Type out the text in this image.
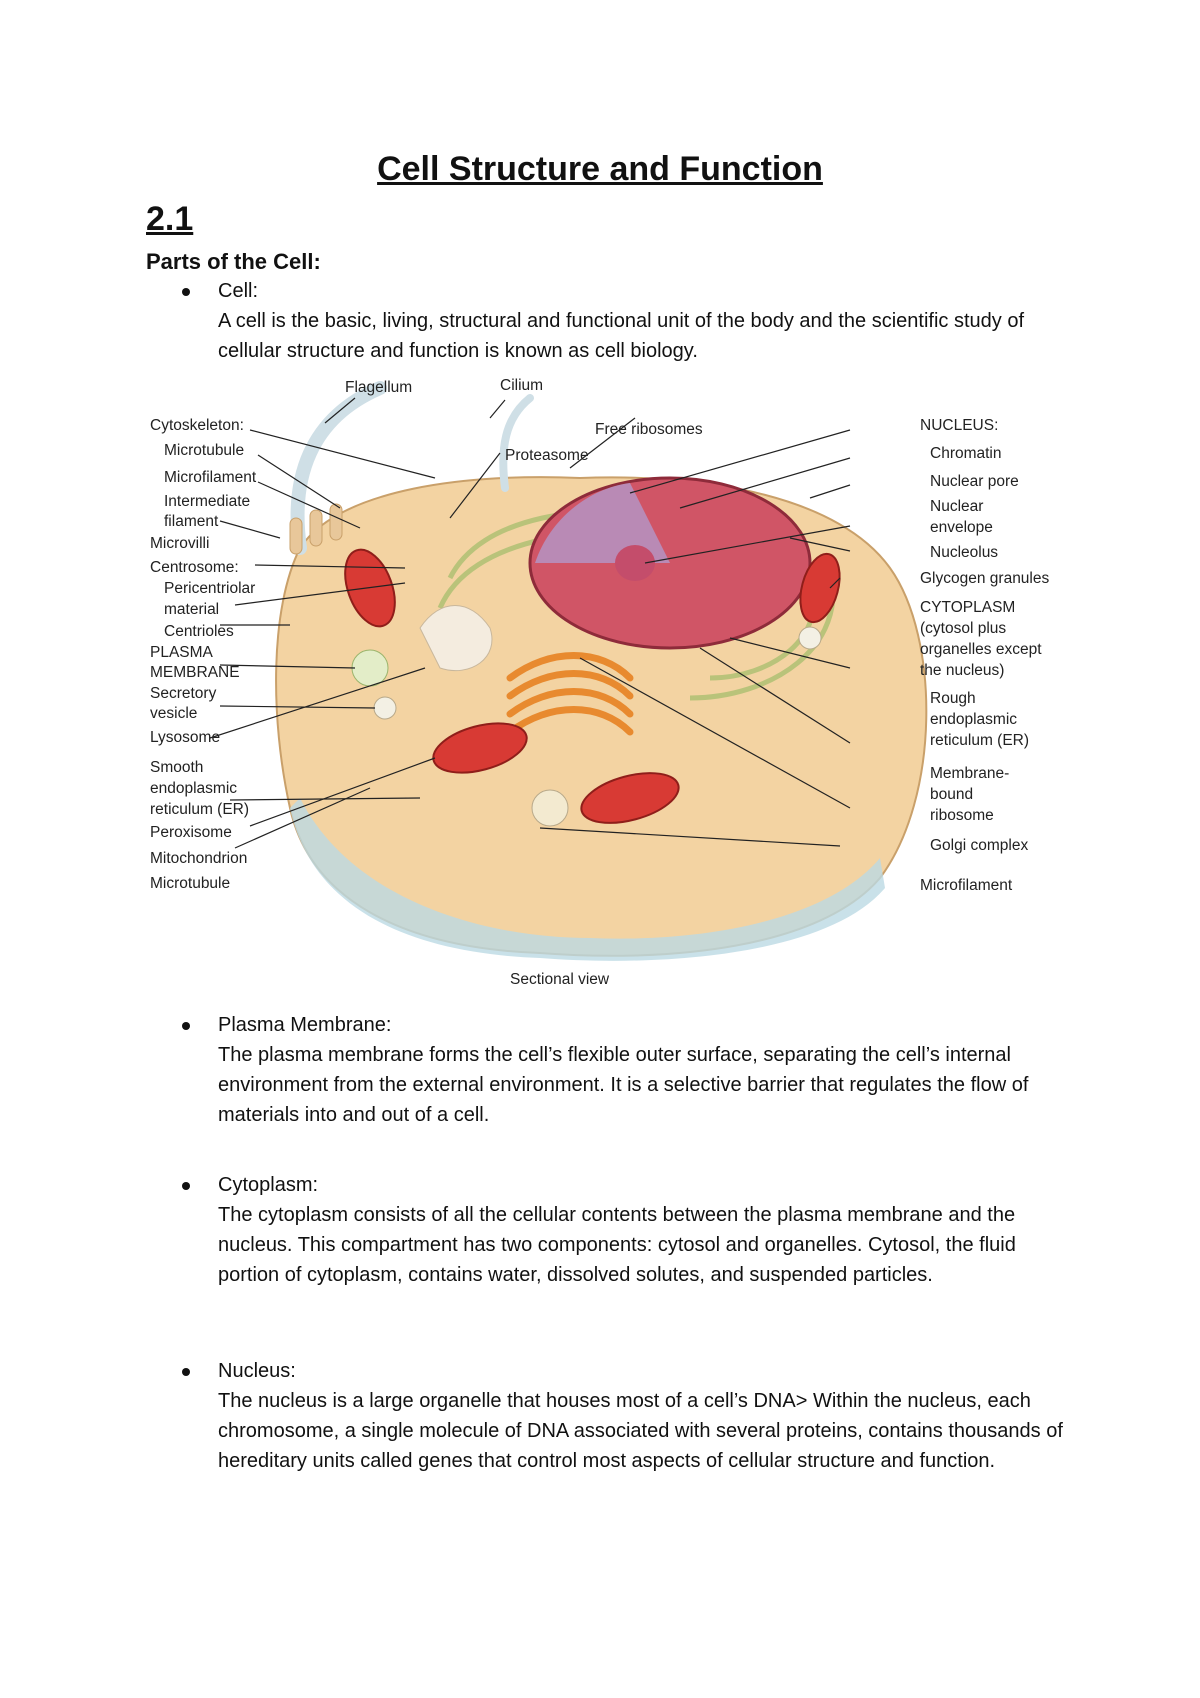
Cell Structure and Function
2.1
Parts of the Cell:
Cell:
A cell is the basic, living, structural and functional unit of the body and the scientific study of cellular structure and function is known as cell biology.
Flagellum	Cilium
Free ribosomes
Proteasome
Cytoskeleton:
Microtubule
Microfilament
Intermediate
filament
Microvilli
Centrosome:
Pericentriolar
material
Centrioles
PLASMA
MEMBRANE
Secretory
vesicle
Lysosome
Smooth
endoplasmic
reticulum (ER)
Peroxisome
Mitochondrion
Microtubule
NUCLEUS:
Chromatin
Nuclear pore
Nuclear
envelope
Nucleolus
Glycogen granules
CYTOPLASM
(cytosol plus
organelles except
the nucleus)
Rough
endoplasmic
reticulum (ER)
Membrane-
bound
ribosome
Golgi complex
Microfilament
Sectional view
Plasma Membrane:
The plasma membrane forms the cell’s flexible outer surface, separating the cell’s internal environment from the external environment. It is a selective barrier that regulates the flow of materials into and out of a cell.
Cytoplasm:
The cytoplasm consists of all the cellular contents between the plasma membrane and the nucleus. This compartment has two components: cytosol and organelles. Cytosol, the fluid portion of cytoplasm, contains water, dissolved solutes, and suspended particles.
Nucleus:
The nucleus is a large organelle that houses most of a cell’s DNA> Within the nucleus, each chromosome, a single molecule of DNA associated with several proteins, contains thousands of hereditary units called genes that control most aspects of cellular structure and function.
